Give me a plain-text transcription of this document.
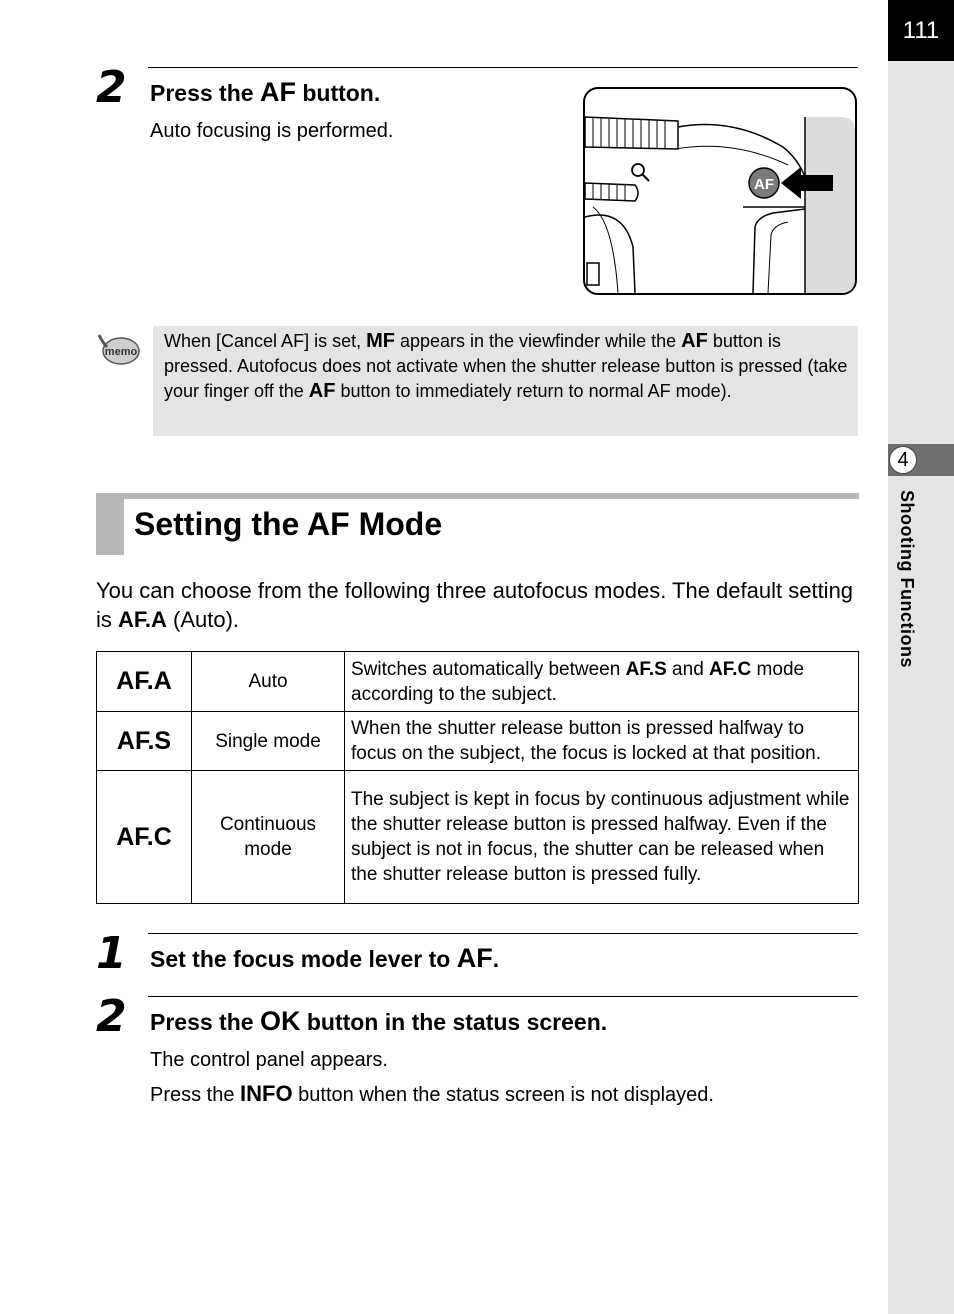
111
4
Shooting Functions
2 Press the AF button.
Auto focusing is performed.
AF
memo
When [Cancel AF] is set, MF appears in the viewfinder while the AF button is pressed. Autofocus does not activate when the shutter release button is pressed (take your finger off the AF button to immediately return to normal AF mode).
Setting the AF Mode
You can choose from the following three autofocus modes. The default setting is AF.A (Auto).
AF.A	Auto	Switches automatically between AF.S and AF.C mode according to the subject.
AF.S	Single mode	When the shutter release button is pressed halfway to focus on the subject, the focus is locked at that position.
AF.C	Continuous mode	The subject is kept in focus by continuous adjustment while the shutter release button is pressed halfway. Even if the subject is not in focus, the shutter can be released when the shutter release button is pressed fully.
1 Set the focus mode lever to AF.
2 Press the OK button in the status screen.
The control panel appears.
Press the INFO button when the status screen is not displayed.
